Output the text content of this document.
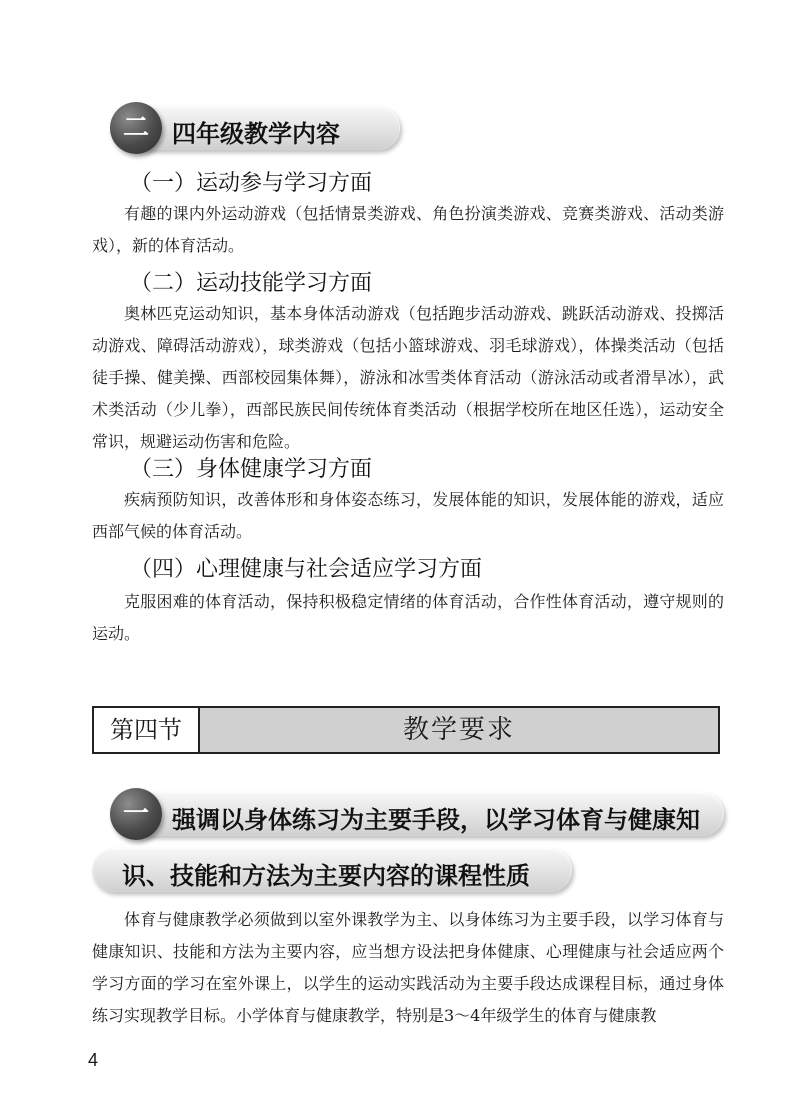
二 四年级教学内容
（一）运动参与学习方面

有趣的课内外运动游戏（包括情景类游戏、角色扮演类游戏、竞赛类游戏、活动类游戏），新的体育活动。

（二）运动技能学习方面

奥林匹克运动知识，基本身体活动游戏（包括跑步活动游戏、跳跃活动游戏、投掷活动游戏、障碍活动游戏），球类游戏（包括小篮球游戏、羽毛球游戏），体操类活动（包括徒手操、健美操、西部校园集体舞），游泳和冰雪类体育活动（游泳活动或者滑旱冰），武术类活动（少儿拳），西部民族民间传统体育类活动（根据学校所在地区任选），运动安全常识，规避运动伤害和危险。

（三）身体健康学习方面

疾病预防知识，改善体形和身体姿态练习，发展体能的知识，发展体能的游戏，适应西部气候的体育活动。

（四）心理健康与社会适应学习方面

克服困难的体育活动，保持积极稳定情绪的体育活动，合作性体育活动，遵守规则的运动。

第四节	教学要求
一 强调以身体练习为主要手段，以学习体育与健康知
识、技能和方法为主要内容的课程性质

体育与健康教学必须做到以室外课教学为主、以身体练习为主要手段，以学习体育与健康知识、技能和方法为主要内容，应当想方设法把身体健康、心理健康与社会适应两个学习方面的学习在室外课上，以学生的运动实践活动为主要手段达成课程目标，通过身体练习实现教学目标。小学体育与健康教学，特别是3～4年级学生的体育与健康教

4
